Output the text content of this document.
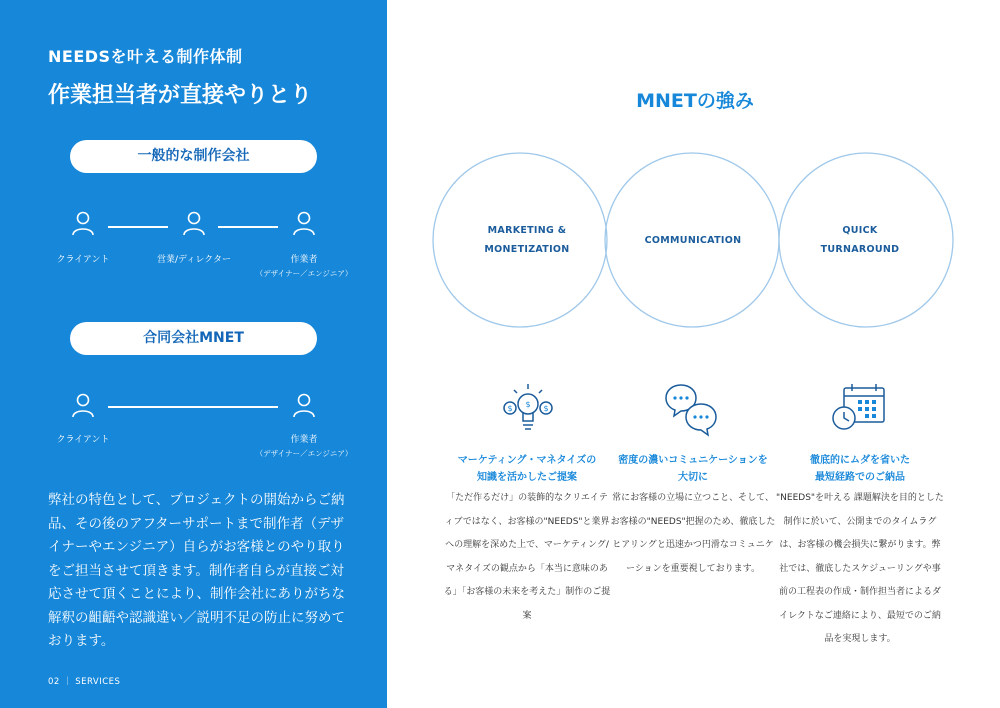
NEEDSを叶える制作体制
作業担当者が直接やりとり
一般的な制作会社
クライアント	営業/ディレクター	作業者
（デザイナー／エンジニア）
合同会社MNET
クライアント	作業者
（デザイナー／エンジニア）
弊社の特色として、プロジェクトの開始からご納品、その後のアフターサポートまで制作者（デザイナーやエンジニア）自らがお客様とのやり取りをご担当させて頂きます。制作者自らが直接ご対応させて頂くことにより、制作会社にありがちな解釈の齟齬や認識違い／説明不足の防止に努めております。
02 ｜ SERVICES
MNETの強み
MARKETING &
MONETIZATION
COMMUNICATION
QUICK
TURNAROUND
$
$	$
マーケティング・マネタイズの
知識を活かしたご提案
「ただ作るだけ」の装飾的なクリエイティブではなく、お客様の"NEEDS"と業界への理解を深めた上で、マーケティング/マネタイズの観点から「本当に意味のある」「お客様の未来を考えた」制作のご提案
密度の濃いコミュニケーションを
大切に
常にお客様の立場に立つこと、そして、お客様の"NEEDS"把握のため、徹底したヒアリングと迅速かつ円滑なコミュニケーションを重要視しております。
徹底的にムダを省いた
最短経路でのご納品
"NEEDS"を叶える 課題解決を目的とした制作に於いて、公開までのタイムラグは、お客様の機会損失に繋がります。弊社では、徹底したスケジューリングや事前の工程表の作成・制作担当者によるダイレクトなご連絡により、最短でのご納品を実現します。
